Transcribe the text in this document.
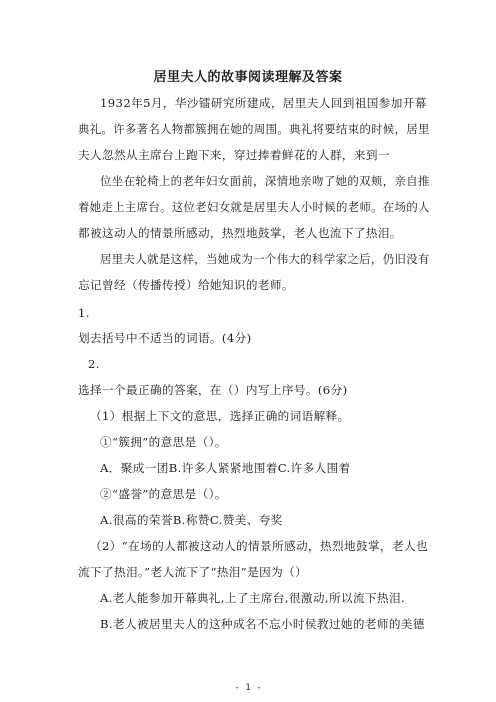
居里夫人的故事阅读理解及答案
1932年5月，华沙镭研究所建成，居里夫人回到祖国参加开幕
典礼。许多著名人物都簇拥在她的周围。典礼将要结束的时候，居里
夫人忽然从主席台上跑下来，穿过捧着鲜花的人群，来到一
位坐在轮椅上的老年妇女面前，深情地亲吻了她的双颊，亲自推
着她走上主席台。这位老妇女就是居里夫人小时候的老师。在场的人
都被这动人的情景所感动，热烈地鼓掌，老人也流下了热泪。
居里夫人就是这样，当她成为一个伟大的科学家之后，仍旧没有
忘记曾经（传播传授）给她知识的老师。
1.
划去括号中不适当的词语。(4分)
2.
选择一个最正确的答案，在（）内写上序号。(6分)
（1）根据上下文的意思，选择正确的词语解释。
①“簇拥”的意思是（）。
A．聚成一团B.许多人紧紧地围着C.许多人围着
②“盛誉”的意思是（）。
A.很高的荣誉B.称赞C.赞美、夸奖
（2）“在场的人都被这动人的情景所感动，热烈地鼓掌，老人也
流下了热泪。”老人流下了“热泪”是因为（）
A.老人能参加开幕典礼,上了主席台,很激动,所以流下热泪.
B.老人被居里夫人的这种成名不忘小时侯教过她的老师的美德
- 1 -
